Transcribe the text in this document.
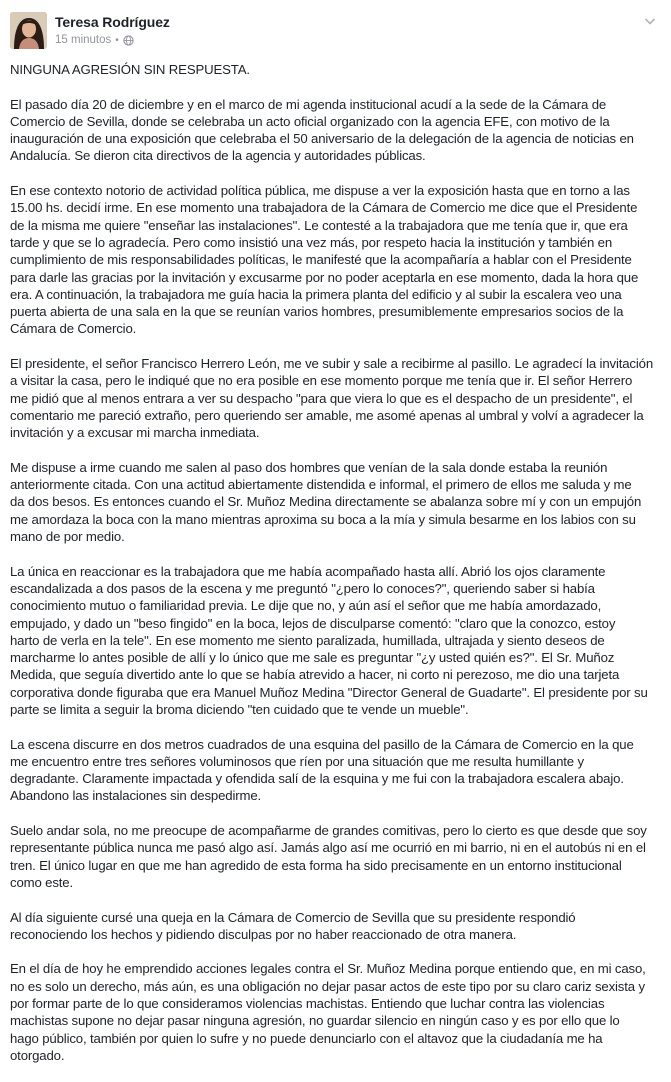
Teresa Rodríguez
15 minutos •

NINGUNA AGRESIÓN SIN RESPUESTA.

El pasado día 20 de diciembre y en el marco de mi agenda institucional acudí a la sede de la Cámara de
Comercio de Sevilla, donde se celebraba un acto oficial organizado con la agencia EFE, con motivo de la
inauguración de una exposición que celebraba el 50 aniversario de la delegación de la agencia de noticias en
Andalucía. Se dieron cita directivos de la agencia y autoridades públicas.

En ese contexto notorio de actividad política pública, me dispuse a ver la exposición hasta que en torno a las
15.00 hs. decidí irme. En ese momento una trabajadora de la Cámara de Comercio me dice que el Presidente
de la misma me quiere "enseñar las instalaciones". Le contesté a la trabajadora que me tenía que ir, que era
tarde y que se lo agradecía. Pero como insistió una vez más, por respeto hacia la institución y también en
cumplimiento de mis responsabilidades políticas, le manifesté que la acompañaría a hablar con el Presidente
para darle las gracias por la invitación y excusarme por no poder aceptarla en ese momento, dada la hora que
era. A continuación, la trabajadora me guía hacia la primera planta del edificio y al subir la escalera veo una
puerta abierta de una sala en la que se reunían varios hombres, presumiblemente empresarios socios de la
Cámara de Comercio.

El presidente, el señor Francisco Herrero León, me ve subir y sale a recibirme al pasillo. Le agradecí la invitación
a visitar la casa, pero le indiqué que no era posible en ese momento porque me tenía que ir. El señor Herrero
me pidió que al menos entrara a ver su despacho "para que viera lo que es el despacho de un presidente", el
comentario me pareció extraño, pero queriendo ser amable, me asomé apenas al umbral y volví a agradecer la
invitación y a excusar mi marcha inmediata.

Me dispuse a irme cuando me salen al paso dos hombres que venían de la sala donde estaba la reunión
anteriormente citada. Con una actitud abiertamente distendida e informal, el primero de ellos me saluda y me
da dos besos. Es entonces cuando el Sr. Muñoz Medina directamente se abalanza sobre mí y con un empujón
me amordaza la boca con la mano mientras aproxima su boca a la mía y simula besarme en los labios con su
mano de por medio.

La única en reaccionar es la trabajadora que me había acompañado hasta allí. Abrió los ojos claramente
escandalizada a dos pasos de la escena y me preguntó "¿pero lo conoces?", queriendo saber si había
conocimiento mutuo o familiaridad previa. Le dije que no, y aún así el señor que me había amordazado,
empujado, y dado un "beso fingido" en la boca, lejos de disculparse comentó: "claro que la conozco, estoy
harto de verla en la tele". En ese momento me siento paralizada, humillada, ultrajada y siento deseos de
marcharme lo antes posible de allí y lo único que me sale es preguntar "¿y usted quién es?". El Sr. Muñoz
Medida, que seguía divertido ante lo que se había atrevido a hacer, ni corto ni perezoso, me dio una tarjeta
corporativa donde figuraba que era Manuel Muñoz Medina "Director General de Guadarte". El presidente por su
parte se limita a seguir la broma diciendo "ten cuidado que te vende un mueble".

La escena discurre en dos metros cuadrados de una esquina del pasillo de la Cámara de Comercio en la que
me encuentro entre tres señores voluminosos que ríen por una situación que me resulta humillante y
degradante. Claramente impactada y ofendida salí de la esquina y me fui con la trabajadora escalera abajo.
Abandono las instalaciones sin despedirme.

Suelo andar sola, no me preocupe de acompañarme de grandes comitivas, pero lo cierto es que desde que soy
representante pública nunca me pasó algo así. Jamás algo así me ocurrió en mi barrio, ni en el autobús ni en el
tren. El único lugar en que me han agredido de esta forma ha sido precisamente en un entorno institucional
como este.

Al día siguiente cursé una queja en la Cámara de Comercio de Sevilla que su presidente respondió
reconociendo los hechos y pidiendo disculpas por no haber reaccionado de otra manera.

En el día de hoy he emprendido acciones legales contra el Sr. Muñoz Medina porque entiendo que, en mi caso,
no es solo un derecho, más aún, es una obligación no dejar pasar actos de este tipo por su claro cariz sexista y
por formar parte de lo que consideramos violencias machistas. Entiendo que luchar contra las violencias
machistas supone no dejar pasar ninguna agresión, no guardar silencio en ningún caso y es por ello que lo
hago público, también por quien lo sufre y no puede denunciarlo con el altavoz que la ciudadanía me ha
otorgado.
